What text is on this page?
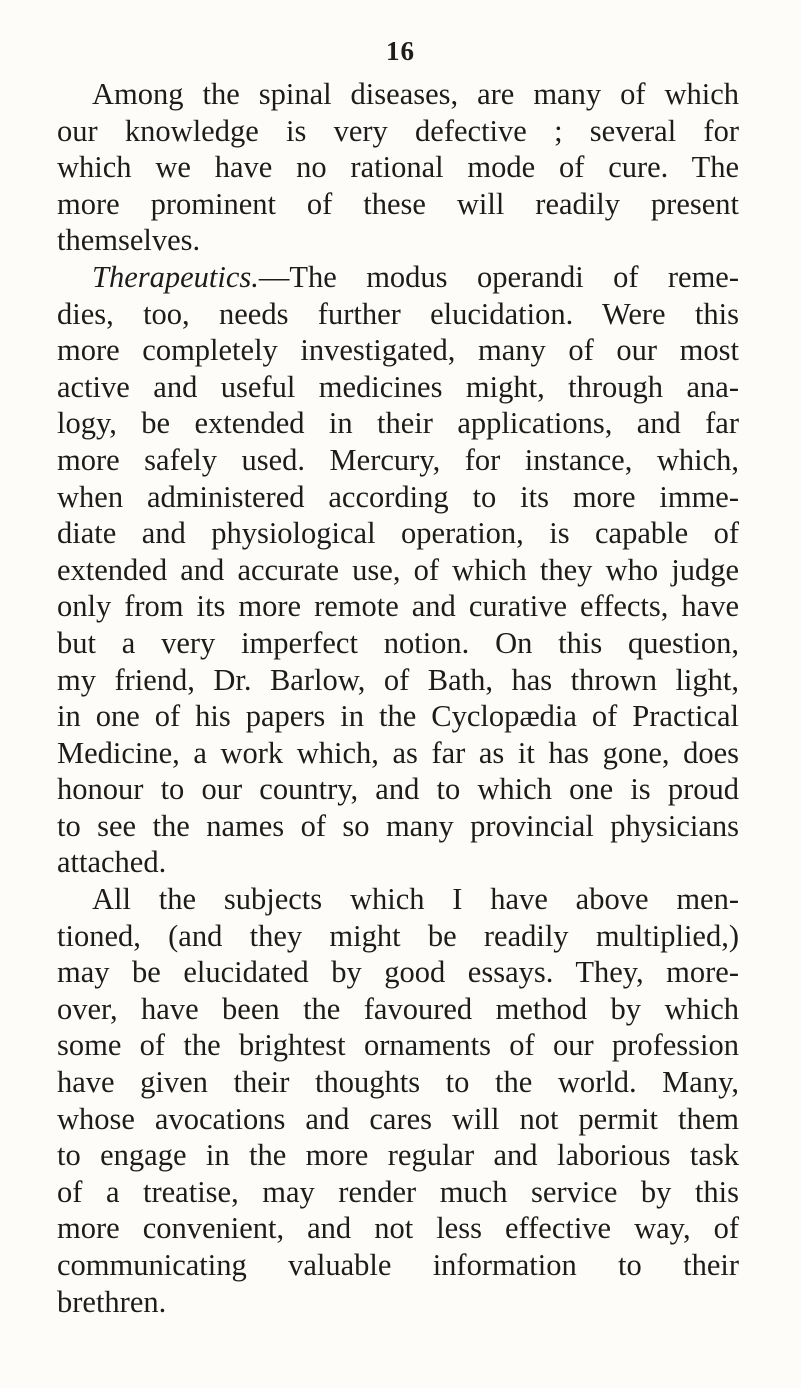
16
Among the spinal diseases, are many of which
our knowledge is very defective ; several for
which we have no rational mode of cure. The
more prominent of these will readily present
themselves.
Therapeutics.—The modus operandi of reme-
dies, too, needs further elucidation. Were this
more completely investigated, many of our most
active and useful medicines might, through ana-
logy, be extended in their applications, and far
more safely used. Mercury, for instance, which,
when administered according to its more imme-
diate and physiological operation, is capable of
extended and accurate use, of which they who judge
only from its more remote and curative effects, have
but a very imperfect notion. On this question,
my friend, Dr. Barlow, of Bath, has thrown light,
in one of his papers in the Cyclopædia of Practical
Medicine, a work which, as far as it has gone, does
honour to our country, and to which one is proud
to see the names of so many provincial physicians
attached.
All the subjects which I have above men-
tioned, (and they might be readily multiplied,)
may be elucidated by good essays. They, more-
over, have been the favoured method by which
some of the brightest ornaments of our profession
have given their thoughts to the world. Many,
whose avocations and cares will not permit them
to engage in the more regular and laborious task
of a treatise, may render much service by this
more convenient, and not less effective way, of
communicating valuable information to their
brethren.
